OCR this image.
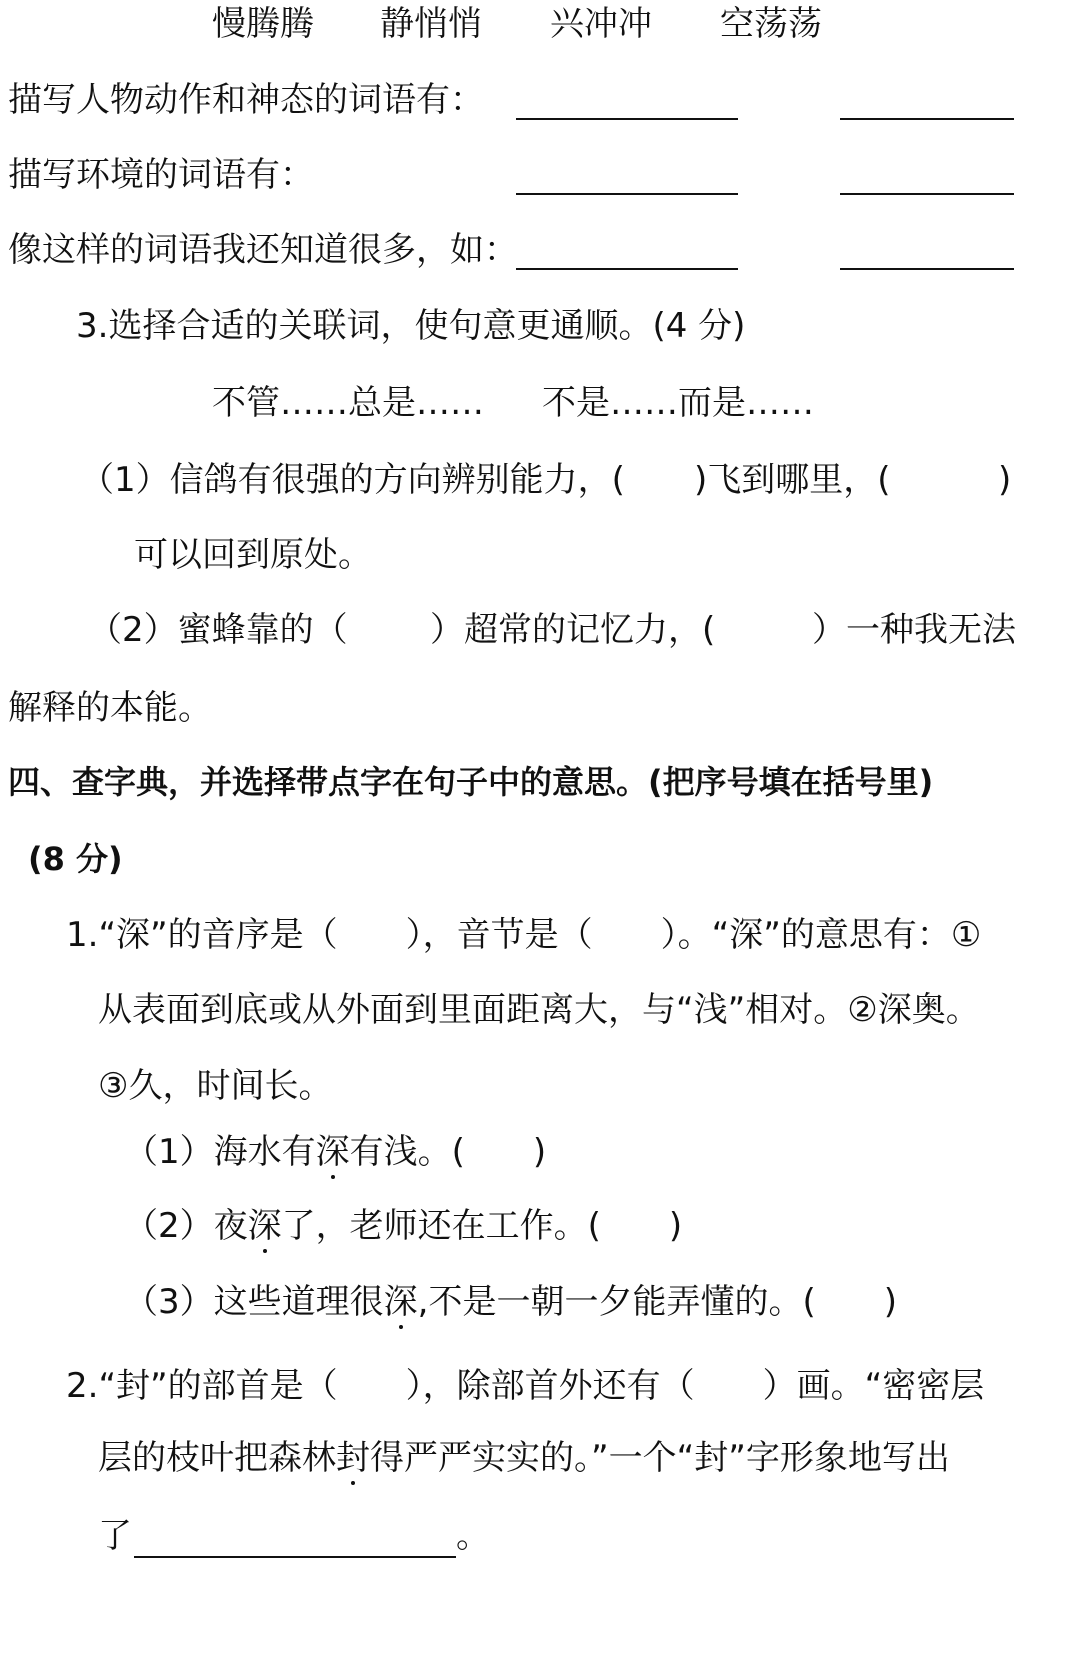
慢腾腾 静悄悄 兴冲冲 空荡荡
描写人物动作和神态的词语有：
描写环境的词语有：
像这样的词语我还知道很多，如：
3.选择合适的关联词，使句意更通顺。(4 分)
不管……总是…… 不是……而是……
（1）信鸽有很强的方向辨别能力，( )飞到哪里，(	)
可以回到原处。
（2）蜜蜂靠的（ ）超常的记忆力，(	）一种我无法
解释的本能。
四、查字典，并选择带点字在句子中的意思。(把序号填在括号里)
(8 分)
1.“深”的音序是（　　），音节是（　　）。“深”的意思有：①
从表面到底或从外面到里面距离大，与“浅”相对。②深奥。
③久，时间长。
（1）海水有深
有浅。(　　)
（2）夜深
了，老师还在工作。(　　)
（3）这些道理很深
,不是一朝一夕能弄懂的。(　　)
2.“封”的部首是（　　），除部首外还有（　　）画。“密密层
层的枝叶把森林封
得严严实实的。”一个“封”字形象地写出
了	。
